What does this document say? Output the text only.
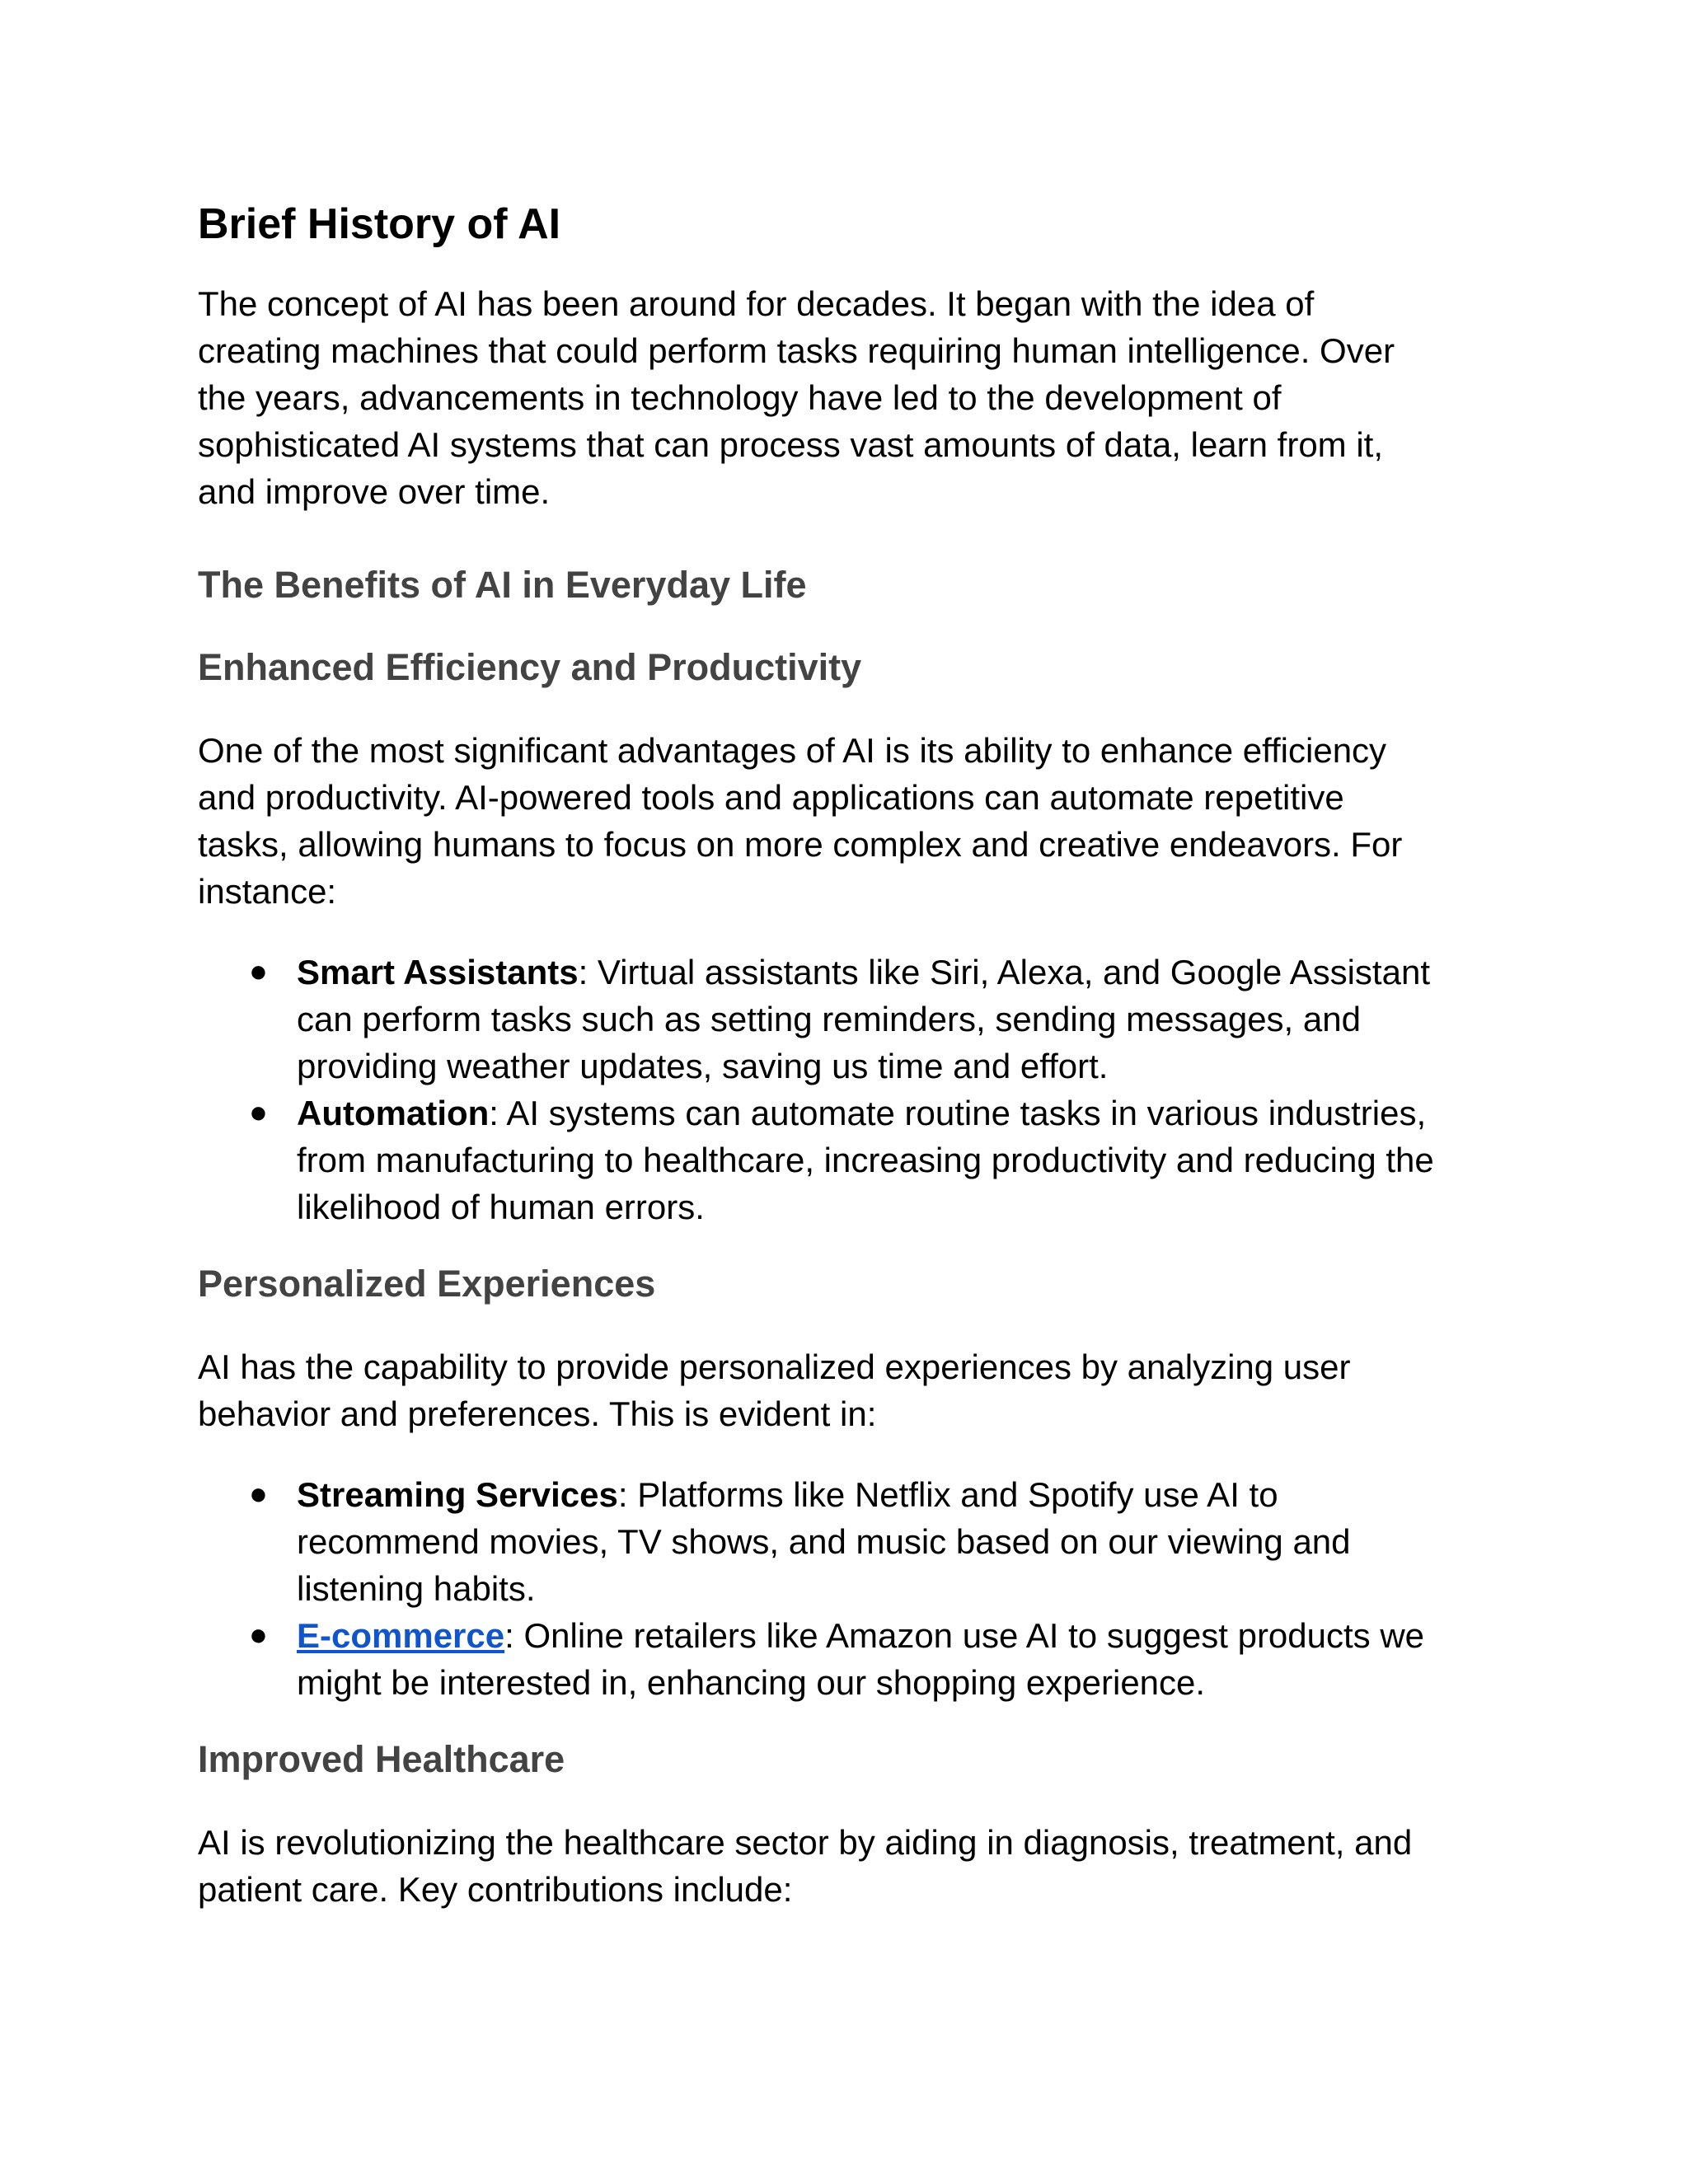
Brief History of AI

The concept of AI has been around for decades. It began with the idea of
creating machines that could perform tasks requiring human intelligence. Over
the years, advancements in technology have led to the development of
sophisticated AI systems that can process vast amounts of data, learn from it,
and improve over time.

The Benefits of AI in Everyday Life
Enhanced Efficiency and Productivity

One of the most significant advantages of AI is its ability to enhance efficiency
and productivity. AI-powered tools and applications can automate repetitive
tasks, allowing humans to focus on more complex and creative endeavors. For
instance:

● Smart Assistants: Virtual assistants like Siri, Alexa, and Google Assistant
can perform tasks such as setting reminders, sending messages, and
providing weather updates, saving us time and effort.
● Automation: AI systems can automate routine tasks in various industries,
from manufacturing to healthcare, increasing productivity and reducing the
likelihood of human errors.
Personalized Experiences

AI has the capability to provide personalized experiences by analyzing user
behavior and preferences. This is evident in:

● Streaming Services: Platforms like Netflix and Spotify use AI to
recommend movies, TV shows, and music based on our viewing and
listening habits.
● E-commerce: Online retailers like Amazon use AI to suggest products we
might be interested in, enhancing our shopping experience.
Improved Healthcare

AI is revolutionizing the healthcare sector by aiding in diagnosis, treatment, and
patient care. Key contributions include:
